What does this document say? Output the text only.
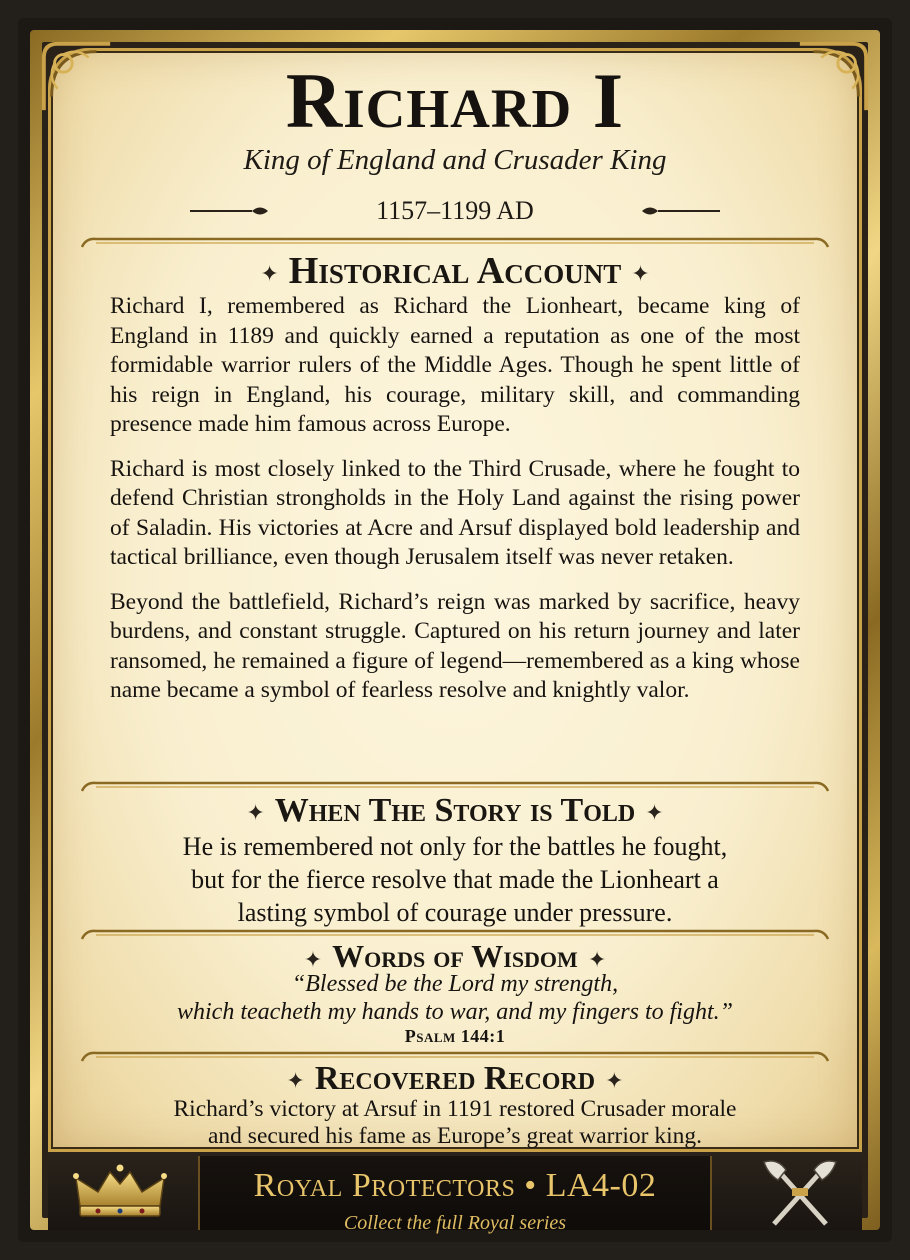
Richard I
King of England and Crusader King
1157–1199 AD
✦ Historical Account ✦

Richard I, remembered as Richard the Lionheart, became king of England in 1189 and quickly earned a reputation as one of the most formidable warrior rulers of the Middle Ages. Though he spent little of his reign in England, his courage, military skill, and commanding presence made him famous across Europe.

Richard is most closely linked to the Third Crusade, where he fought to defend Christian strongholds in the Holy Land against the rising power of Saladin. His victories at Acre and Arsuf displayed bold leadership and tactical brilliance, even though Jerusalem itself was never retaken.

Beyond the battlefield, Richard’s reign was marked by sacrifice, heavy burdens, and constant struggle. Captured on his return journey and later ransomed, he remained a figure of legend—remembered as a king whose name became a symbol of fearless resolve and knightly valor.

✦ When The Story is Told ✦
He is remembered not only for the battles he fought,
but for the fierce resolve that made the Lionheart a
lasting symbol of courage under pressure.
✦ Words of Wisdom ✦
“Blessed be the Lord my strength,
which teacheth my hands to war, and my fingers to fight.”
Psalm 144:1
✦ Recovered Record ✦
Richard’s victory at Arsuf in 1191 restored Crusader morale
and secured his fame as Europe’s great warrior king.
Royal Protectors • LA4-02
Collect the full Royal series
